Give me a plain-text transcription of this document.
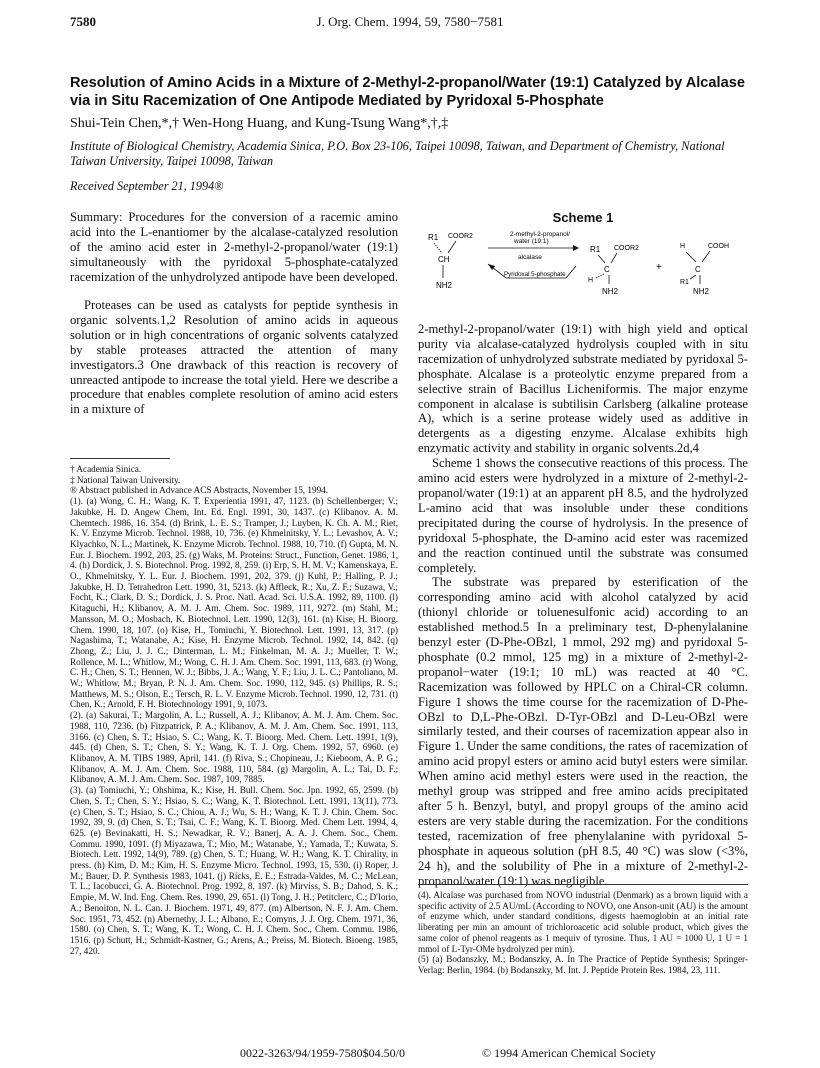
7580	J. Org. Chem. 1994, 59, 7580−7581
Resolution of Amino Acids in a Mixture of 2-Methyl-2-propanol/Water (19:1) Catalyzed by Alcalase via in Situ Racemization of One Antipode Mediated by Pyridoxal 5-Phosphate
Shui-Tein Chen,*,† Wen-Hong Huang, and Kung-Tsung Wang*,†,‡
Institute of Biological Chemistry, Academia Sinica, P.O. Box 23-106, Taipei 10098, Taiwan, and Department of Chemistry, National Taiwan University, Taipei 10098, Taiwan
Received September 21, 1994®

Summary: Procedures for the conversion of a racemic amino acid into the L-enantiomer by the alcalase-catalyzed resolution of the amino acid ester in 2-methyl-2-propanol/water (19:1) simultaneously with the pyridoxal 5-phosphate-catalyzed racemization of the unhydrolyzed antipode have been developed.

Proteases can be used as catalysts for peptide synthesis in organic solvents.1,2 Resolution of amino acids in aqueous solution or in high concentrations of organic solvents catalyzed by stable proteases attracted the attention of many investigators.3 One drawback of this reaction is recovery of unreacted antipode to increase the total yield. Here we describe a procedure that enables complete resolution of amino acid esters in a mixture of

† Academia Sinica.

‡ National Taiwan University.

® Abstract published in Advance ACS Abstracts, November 15, 1994.

(1). (a) Wong, C. H.; Wang, K. T. Experientia 1991, 47, 1123. (b) Schellenberger; V.; Jakubke, H. D. Angew Chem, Int. Ed. Engl. 1991, 30, 1437. (c) Klibanov. A. M. Chemtech. 1986, 16. 354. (d) Brink, L. E. S.; Tramper, J.; Luyben, K. Ch. A. M.; Riet, K. V. Enzyme Microb. Technol. 1988, 10, 736. (e) Khmelnitsky, Y. L.; Levashov, A. V.; Klyachko, N. L.; Martinek, K. Enzyme Microb. Technol. 1988, 10, 710. (f) Gupta, M. N. Eur. J. Biochem. 1992, 203, 25. (g) Waks, M. Proteins: Struct., Function, Genet. 1986, 1, 4. (h) Dordick, J. S. Biotechnol. Prog. 1992, 8, 259. (i) Erp, S. H. M. V.; Kamenskaya, E. O., Khmelnitsky, Y. L. Eur. J. Biochem. 1991, 202, 379. (j) Kuhl, P.; Halling, P. J.; Jakubke, H. D. Tetrahedron Lett. 1990, 31, 5213. (k) Affleck, R.; Xu, Z. F.; Suzawa, V.; Focht, K.; Clark, D. S.; Dordick, J. S. Proc. Natl. Acad. Sci. U.S.A. 1992, 89, 1100. (l) Kitaguchi, H.; Klibanov, A. M. J. Am. Chem. Soc. 1989, 111, 9272. (m) Stahl, M.; Mansson, M. O.; Mosbach, K. Biotechnol. Lett. 1990, 12(3), 161. (n) Kise, H. Bioorg. Chem. 1990, 18, 107. (o) Kise, H., Tomiuchi, Y. Biotechnol. Lett. 1991, 13, 317. (p) Nagashima, T.; Watanabe, A.; Kise, H. Enzyme Microb. Technol. 1992, 14, 842. (q) Zhong, Z.; Liu, J. J. C.; Dinterman, L. M.; Finkelman, M. A. J.; Mueller, T. W.; Rollence, M. L.; Whitlow, M.; Wong, C. H. J. Am. Chem. Soc. 1991, 113, 683. (r) Wong, C. H.; Chen, S. T.; Hennen, W. J.; Bibbs, J. A.; Wang, Y. F.; Liu, J. L. C.; Pantoliano, M. W.; Whitlow, M.; Bryan, P. N. J. Am. Chem. Soc. 1990, 112, 945. (s) Phillips, R. S.; Matthews, M. S.; Olson, E.; Tersch, R. L. V. Enzyme Microb. Technol. 1990, 12, 731. (t) Chen, K.; Arnold, F. H. Biotechnology 1991, 9, 1073.

(2). (a) Sakurai, T.; Margolin, A. L.; Russell, A. J.; Klibanov, A. M. J. Am. Chem. Soc. 1988, 110, 7236. (b) Fitzpatrick, P. A.; Klibanov, A. M. J. Am. Chem. Soc. 1991, 113, 3166. (c) Chen, S. T.; Hsiao, S. C.; Wang, K. T. Bioorg. Med. Chem. Lett. 1991, 1(9), 445. (d) Chen, S. T.; Chen, S. Y.; Wang, K. T. J. Org. Chem. 1992, 57, 6960. (e) Klibanov, A. M. TIBS 1989, April, 141. (f) Riva, S.; Chopineau, J.; Kieboom, A. P. G.; Klibanov, A. M. J. Am. Chem. Soc. 1988, 110, 584. (g) Margolin, A. L.; Tai, D. F.; Klibanov, A. M. J. Am. Chem. Soc. 1987, 109, 7885.

(3). (a) Tomiuchi, Y.; Ohshima, K.; Kise, H. Bull. Chem. Soc. Jpn. 1992, 65, 2599. (b) Chen, S. T.; Chen, S. Y.; Hsiao, S. C.; Wang, K. T. Biotechnol. Lett. 1991, 13(11), 773. (c) Chen, S. T.; Hsiao, S. C.; Chiou, A. J.; Wu, S. H.; Wang, K. T. J. Chin. Chem. Soc. 1992, 39, 9. (d) Chen, S. T.; Tsai, C. F.; Wang, K. T. Bioorg. Med. Chem Lett. 1994, 4, 625. (e) Bevinakatti, H. S.; Newadkar, R. V.; Banerj, A. A. J. Chem. Soc., Chem. Commu. 1990, 1091. (f) Miyazawa, T.; Mio, M.; Watanabe, Y.; Yamada, T.; Kuwata, S. Biotech. Lett. 1992, 14(9), 789. (g) Chen, S. T.; Huang, W. H.; Wang, K. T. Chirality, in press. (h) Kim, D. M.; Kim, H. S. Enzyme Micro. Technol. 1993, 15, 530. (i) Roper, J. M.; Bauer, D. P. Synthesis 1983, 1041. (j) Ricks, E. E.; Estrada-Valdes, M. C.; McLean, T. L.; Iacobucci, G. A. Biotechnol. Prog. 1992, 8, 197. (k) Mirviss, S. B.; Dahod, S. K.; Empie, M. W. Ind. Eng. Chem. Res. 1990, 29, 651. (l) Tong, J. H.; Petitclerc, C.; D'Iorio, A.; Benoiton, N. L. Can. J. Biochem. 1971, 49, 877. (m) Albertson, N. F. J. Am. Chem. Soc. 1951, 73, 452. (n) Abernethy, J. L.; Albano, E.; Comyns, J. J. Org. Chem. 1971, 36, 1580. (o) Chen, S. T.; Wang, K. T.; Wong, C. H. J. Chem. Soc., Chem. Commu. 1986, 1516. (p) Schutt, H.; Schmidt-Kastner, G.; Arens, A.; Preiss, M. Biotech. Bioeng. 1985, 27, 420.

Scheme 1
R1 COOR2
CH
NH2
2-methyl-2-propanol/
water (19:1)
alcalase
Pyridoxal 5-phosphate
R1 COOR2
C
H
NH2
+
H	COOH
C
R1
NH2

2-methyl-2-propanol/water (19:1) with high yield and optical purity via alcalase-catalyzed hydrolysis coupled with in situ racemization of unhydrolyzed substrate mediated by pyridoxal 5-phosphate. Alcalase is a proteolytic enzyme prepared from a selective strain of Bacillus Licheniformis. The major enzyme component in alcalase is subtilisin Carlsberg (alkaline protease A), which is a serine protease widely used as additive in detergents as a digesting enzyme. Alcalase exhibits high enzymatic activity and stability in organic solvents.2d,4

Scheme 1 shows the consecutive reactions of this process. The amino acid esters were hydrolyzed in a mixture of 2-methyl-2-propanol/water (19:1) at an apparent pH 8.5, and the hydrolyzed L-amino acid that was insoluble under these conditions precipitated during the course of hydrolysis. In the presence of pyridoxal 5-phosphate, the D-amino acid ester was racemized and the reaction continued until the substrate was consumed completely.

The substrate was prepared by esterification of the corresponding amino acid with alcohol catalyzed by acid (thionyl chloride or toluenesulfonic acid) according to an established method.5 In a preliminary test, D-phenylalanine benzyl ester (D-Phe-OBzl, 1 mmol, 292 mg) and pyridoxal 5-phosphate (0.2 mmol, 125 mg) in a mixture of 2-methyl-2-propanol−water (19:1; 10 mL) was reacted at 40 °C. Racemization was followed by HPLC on a Chiral-CR column. Figure 1 shows the time course for the racemization of D-Phe-OBzl to D,L-Phe-OBzl. D-Tyr-OBzl and D-Leu-OBzl were similarly tested, and their courses of racemization appear also in Figure 1. Under the same conditions, the rates of racemization of amino acid propyl esters or amino acid butyl esters were similar. When amino acid methyl esters were used in the reaction, the methyl group was stripped and free amino acids precipitated after 5 h. Benzyl, butyl, and propyl groups of the amino acid esters are very stable during the racemization. For the conditions tested, racemization of free phenylalanine with pyridoxal 5-phosphate in aqueous solution (pH 8.5, 40 °C) was slow (<3%, 24 h), and the solubility of Phe in a mixture of 2-methyl-2-propanol/water (19:1) was negligible.

(4). Alcalase was purchased from NOVO industrial (Denmark) as a brown liquid with a specific activity of 2.5 AU/mL (According to NOVO, one Anson-unit (AU) is the amount of enzyme which, under standard conditions, digests haemoglobin at an initial rate liberating per min an amount of trichloroacetic acid soluble product, which gives the same color of phenol reagents as 1 mequiv of tyrosine. Thus, 1 AU = 1000 U, 1 U = 1 mmol of L-Tyr-OMe hydrolyzed per min).

(5) (a) Bodanszky, M.; Bodanszky, A. In The Practice of Peptide Synthesis; Springer-Verlag: Berlin, 1984. (b) Bodanszky, M. Int. J. Peptide Protein Res. 1984, 23, 111.

0022-3263/94/1959-7580$04.50/0	© 1994 American Chemical Society
